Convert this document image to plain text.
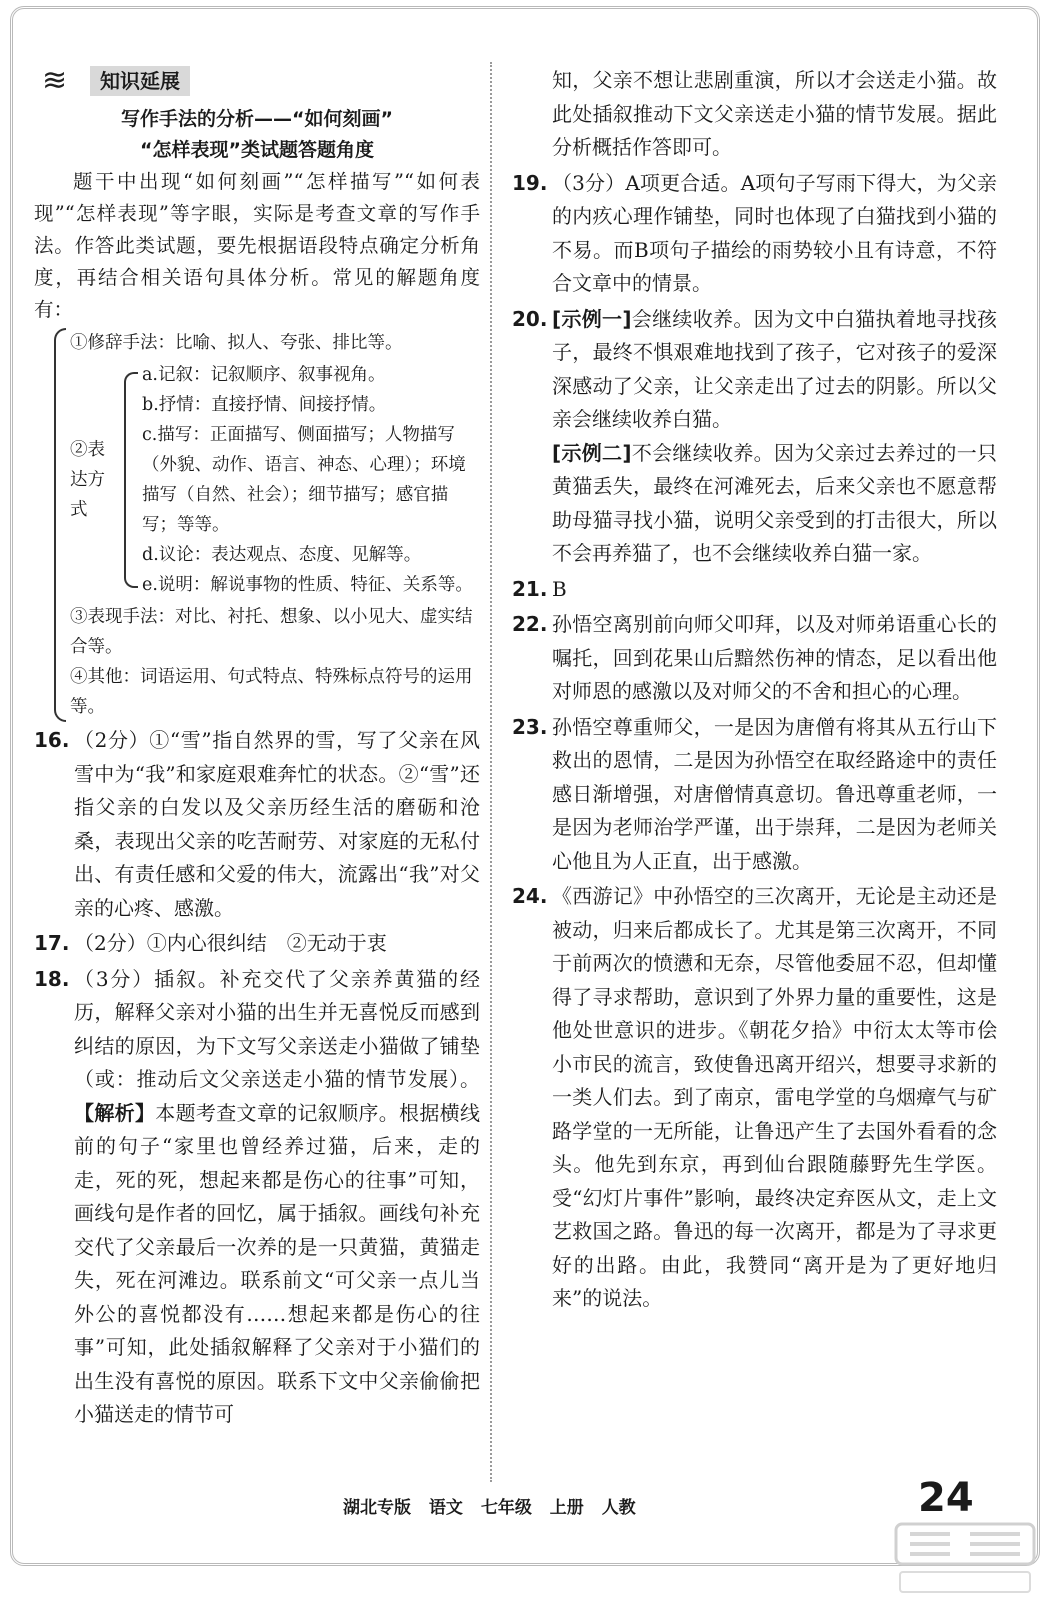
≋	知识延展
写作手法的分析——“如何刻画”
“怎样表现”类试题答题角度

题干中出现“如何刻画”“怎样描写”“如何表现”“怎样表现”等字眼，实际是考查文章的写作手法。作答此类试题，要先根据语段特点确定分析角度，再结合相关语句具体分析。常见的解题角度有：

①修辞手法：比喻、拟人、夸张、排比等。
②表达方式
a.记叙：记叙顺序、叙事视角。
b.抒情：直接抒情、间接抒情。
c.描写：正面描写、侧面描写；人物描写（外貌、动作、语言、神态、心理）；环境描写（自然、社会）；细节描写；感官描写；等等。
d.议论：表达观点、态度、见解等。
e.说明：解说事物的性质、特征、关系等。
③表现手法：对比、衬托、想象、以小见大、虚实结合等。
④其他：词语运用、句式特点、特殊标点符号的运用等。
16. （2分）①“雪”指自然界的雪，写了父亲在风雪中为“我”和家庭艰难奔忙的状态。②“雪”还指父亲的白发以及父亲历经生活的磨砺和沧桑，表现出父亲的吃苦耐劳、对家庭的无私付出、有责任感和父爱的伟大，流露出“我”对父亲的心疼、感激。
17. （2分）①内心很纠结　②无动于衷
18. （3分）插叙。补充交代了父亲养黄猫的经历，解释父亲对小猫的出生并无喜悦反而感到纠结的原因，为下文写父亲送走小猫做了铺垫（或：推动后文父亲送走小猫的情节发展）。 【解析】本题考查文章的记叙顺序。根据横线前的句子“家里也曾经养过猫，后来，走的走，死的死，想起来都是伤心的往事”可知，画线句是作者的回忆，属于插叙。画线句补充交代了父亲最后一次养的是一只黄猫，黄猫走失，死在河滩边。联系前文“可父亲一点儿当外公的喜悦都没有……想起来都是伤心的往事”可知，此处插叙解释了父亲对于小猫们的出生没有喜悦的原因。联系下文中父亲偷偷把小猫送走的情节可
知，父亲不想让悲剧重演，所以才会送走小猫。故此处插叙推动下文父亲送走小猫的情节发展。据此分析概括作答即可。
19. （3分）A项更合适。A项句子写雨下得大，为父亲的内疚心理作铺垫，同时也体现了白猫找到小猫的不易。而B项句子描绘的雨势较小且有诗意，不符合文章中的情景。
20. [示例一]会继续收养。因为文中白猫执着地寻找孩子，最终不惧艰难地找到了孩子，它对孩子的爱深深感动了父亲，让父亲走出了过去的阴影。所以父亲会继续收养白猫。
[示例二]不会继续收养。因为父亲过去养过的一只黄猫丢失，最终在河滩死去，后来父亲也不愿意帮助母猫寻找小猫，说明父亲受到的打击很大，所以不会再养猫了，也不会继续收养白猫一家。
21. B
22. 孙悟空离别前向师父叩拜，以及对师弟语重心长的嘱托，回到花果山后黯然伤神的情态，足以看出他对师恩的感激以及对师父的不舍和担心的心理。
23. 孙悟空尊重师父，一是因为唐僧有将其从五行山下救出的恩情，二是因为孙悟空在取经路途中的责任感日渐增强，对唐僧情真意切。鲁迅尊重老师，一是因为老师治学严谨，出于崇拜，二是因为老师关心他且为人正直，出于感激。
24. 《西游记》中孙悟空的三次离开，无论是主动还是被动，归来后都成长了。尤其是第三次离开，不同于前两次的愤懑和无奈，尽管他委屈不忍，但却懂得了寻求帮助，意识到了外界力量的重要性，这是他处世意识的进步。《朝花夕拾》中衍太太等市侩小市民的流言，致使鲁迅离开绍兴，想要寻求新的一类人们去。到了南京，雷电学堂的乌烟瘴气与矿路学堂的一无所能，让鲁迅产生了去国外看看的念头。他先到东京，再到仙台跟随藤野先生学医。受“幻灯片事件”影响，最终决定弃医从文，走上文艺救国之路。鲁迅的每一次离开，都是为了寻求更好的出路。由此，我赞同“离开是为了更好地归来”的说法。
湖北专版 语文 七年级 上册 人教	24
